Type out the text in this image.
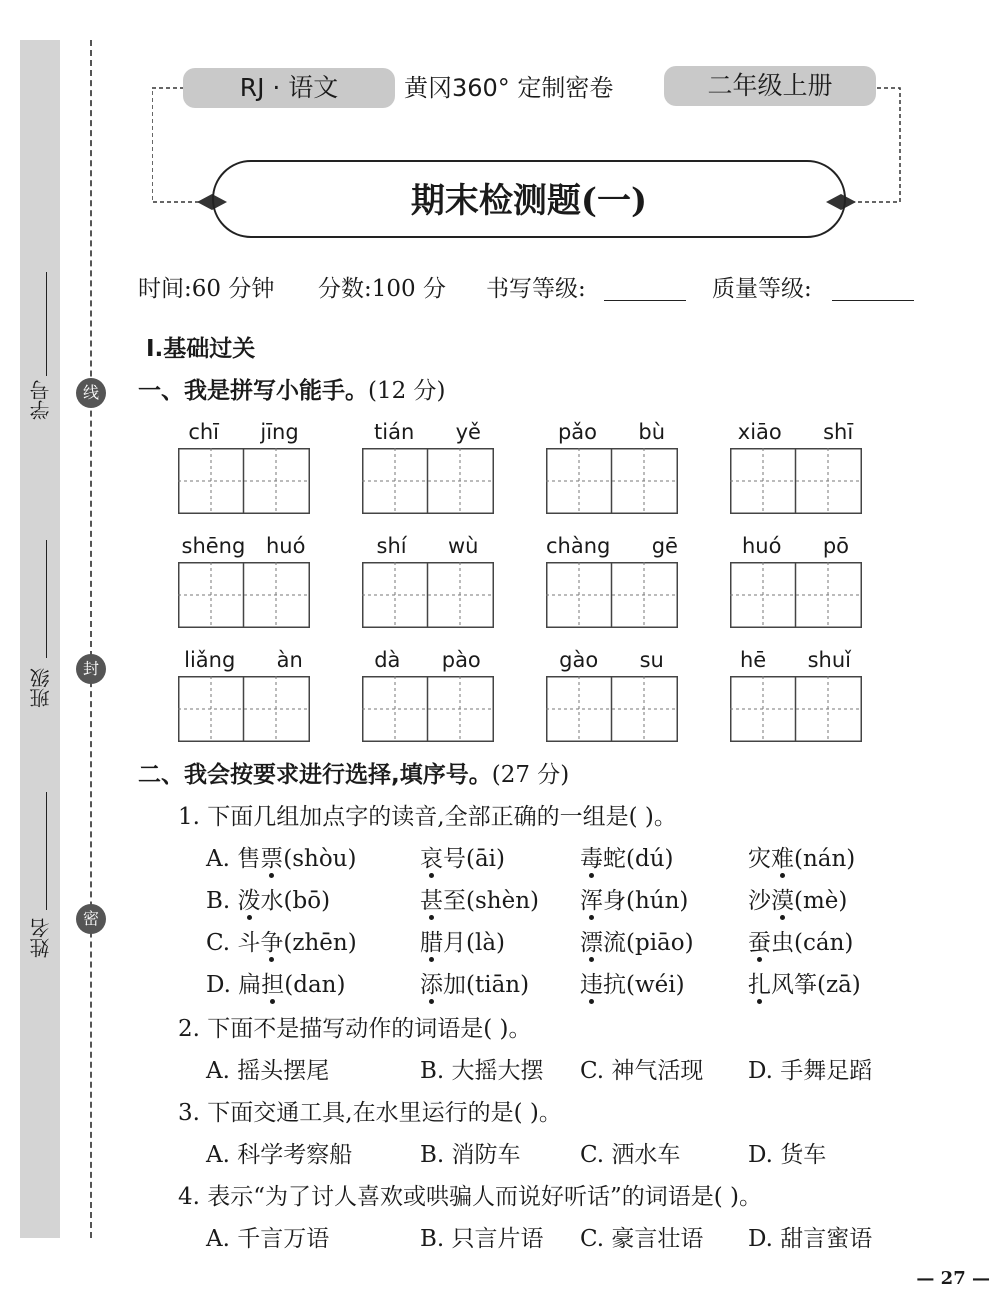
学号
班级
姓名
线
封
密
RJ · 语文	黄冈360° 定制密卷	二年级上册
期末检测题(一)
时间:60 分钟 分数:100 分 书写等级:	质量等级:
Ⅰ.基础过关
一、我是拼写小能手。(12 分)
chī  jīng	tián  yě	pǎo  bù	xiāo  shī
shēng huó	shí  wù	chàng  gē	huó  pō
liǎng  àn	dà  pào	gào  su	hē  shuǐ
二、我会按要求进行选择,填序号。(27 分)
1. 下面几组加点字的读音,全部正确的一组是( )。
A. 售票(shòu)	哀号(āi)	毒蛇(dú)	灾难(nán)
B. 泼水(bō)	甚至(shèn) 浑身(hún)	沙漠(mè)
C. 斗争(zhēn)	腊月(là)	漂流(piāo) 蚕虫(cán)
D. 扁担(dan)	添加(tiān) 违抗(wéi)	扎风筝(zā)
2. 下面不是描写动作的词语是( )。
A. 摇头摆尾	B. 大摇大摆 C. 神气活现 D. 手舞足蹈
3. 下面交通工具,在水里运行的是( )。
A. 科学考察船	B. 消防车	C. 洒水车	D. 货车
4. 表示“为了讨人喜欢或哄骗人而说好听话”的词语是( )。
A. 千言万语	B. 只言片语 C. 豪言壮语 D. 甜言蜜语
— 27 —
